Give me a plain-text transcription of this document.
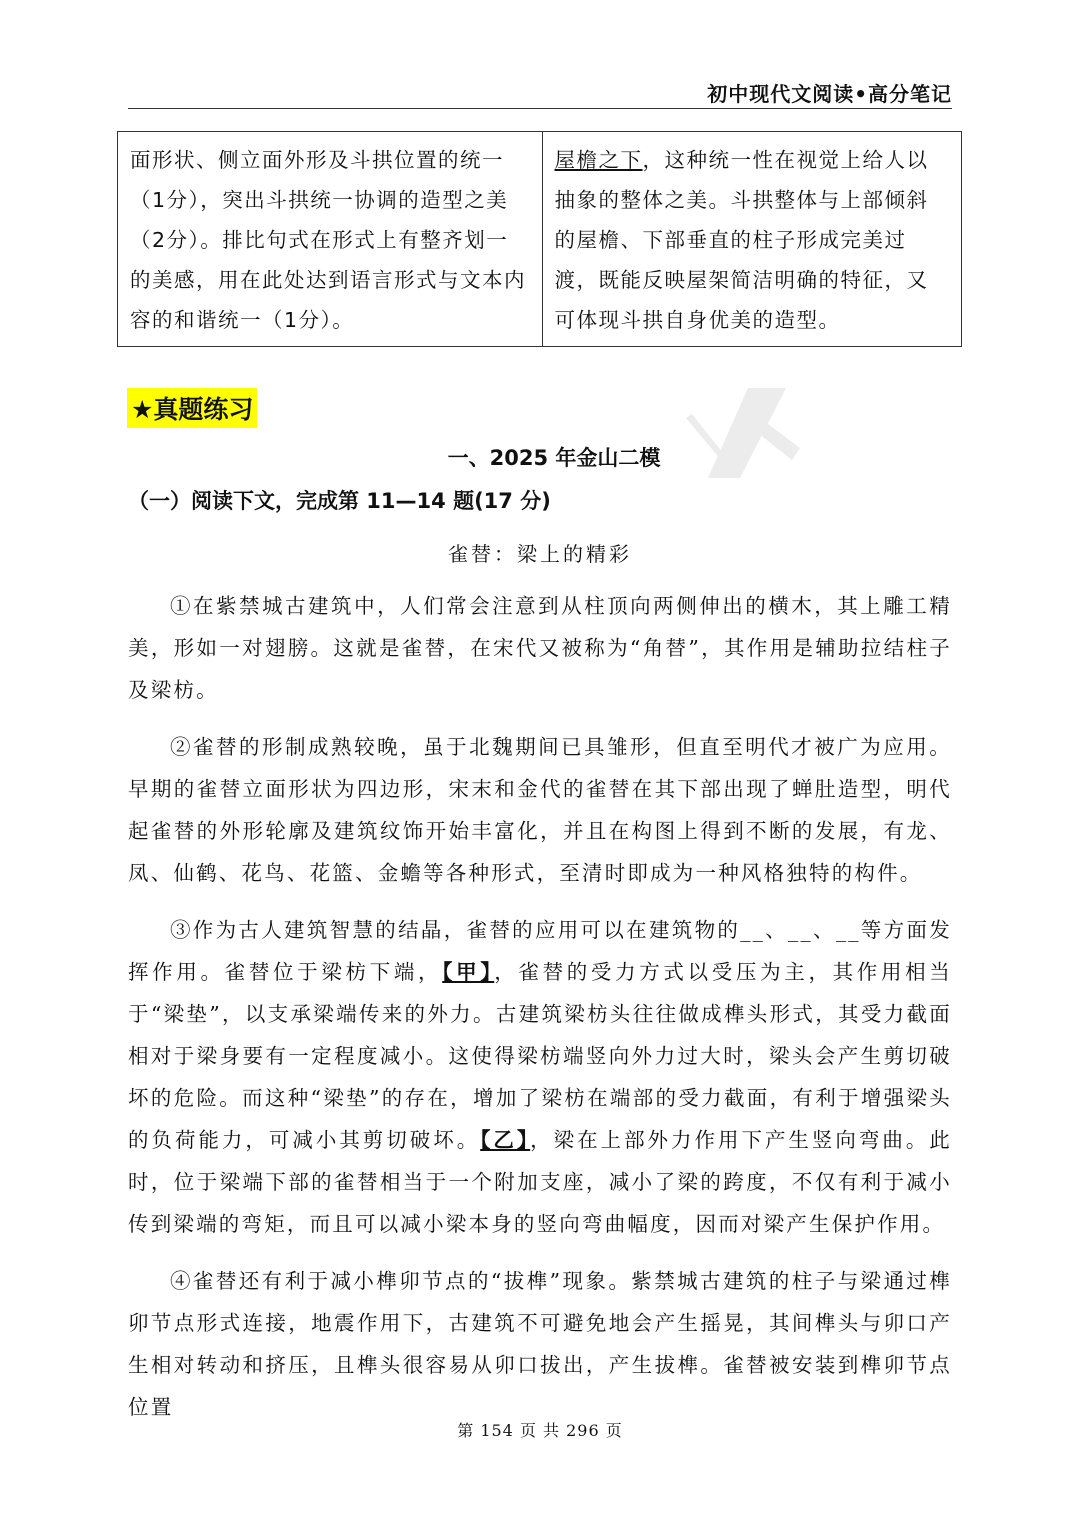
初中现代文阅读•高分笔记
面形状、侧立面外形及斗拱位置的统一（1分），突出斗拱统一协调的造型之美（2分）。排比句式在形式上有整齐划一的美感，用在此处达到语言形式与文本内容的和谐统一（1分）。	屋檐之下，这种统一性在视觉上给人以抽象的整体之美。斗拱整体与上部倾斜的屋檐、下部垂直的柱子形成完美过渡，既能反映屋架简洁明确的特征，又可体现斗拱自身优美的造型。
★真题练习
一、2025 年金山二模
（一）阅读下文，完成第 11—14 题(17 分)
雀替：梁上的精彩

①在紫禁城古建筑中，人们常会注意到从柱顶向两侧伸出的横木，其上雕工精美，形如一对翅膀。这就是雀替，在宋代又被称为“角替”，其作用是辅助拉结柱子及梁枋。

②雀替的形制成熟较晚，虽于北魏期间已具雏形，但直至明代才被广为应用。早期的雀替立面形状为四边形，宋末和金代的雀替在其下部出现了蝉肚造型，明代起雀替的外形轮廓及建筑纹饰开始丰富化，并且在构图上得到不断的发展，有龙、凤、仙鹤、花鸟、花篮、金蟾等各种形式，至清时即成为一种风格独特的构件。

③作为古人建筑智慧的结晶，雀替的应用可以在建筑物的__、__、__等方面发挥作用。雀替位于梁枋下端，【甲】，雀替的受力方式以受压为主，其作用相当于“梁垫”，以支承梁端传来的外力。古建筑梁枋头往往做成榫头形式，其受力截面相对于梁身要有一定程度减小。这使得梁枋端竖向外力过大时，梁头会产生剪切破坏的危险。而这种“梁垫”的存在，增加了梁枋在端部的受力截面，有利于增强梁头的负荷能力，可减小其剪切破坏。【乙】，梁在上部外力作用下产生竖向弯曲。此时，位于梁端下部的雀替相当于一个附加支座，减小了梁的跨度，不仅有利于减小传到梁端的弯矩，而且可以减小梁本身的竖向弯曲幅度，因而对梁产生保护作用。

④雀替还有利于减小榫卯节点的“拔榫”现象。紫禁城古建筑的柱子与梁通过榫卯节点形式连接，地震作用下，古建筑不可避免地会产生摇晃，其间榫头与卯口产生相对转动和挤压，且榫头很容易从卯口拔出，产生拔榫。雀替被安装到榫卯节点位置

第 154 页 共 296 页
